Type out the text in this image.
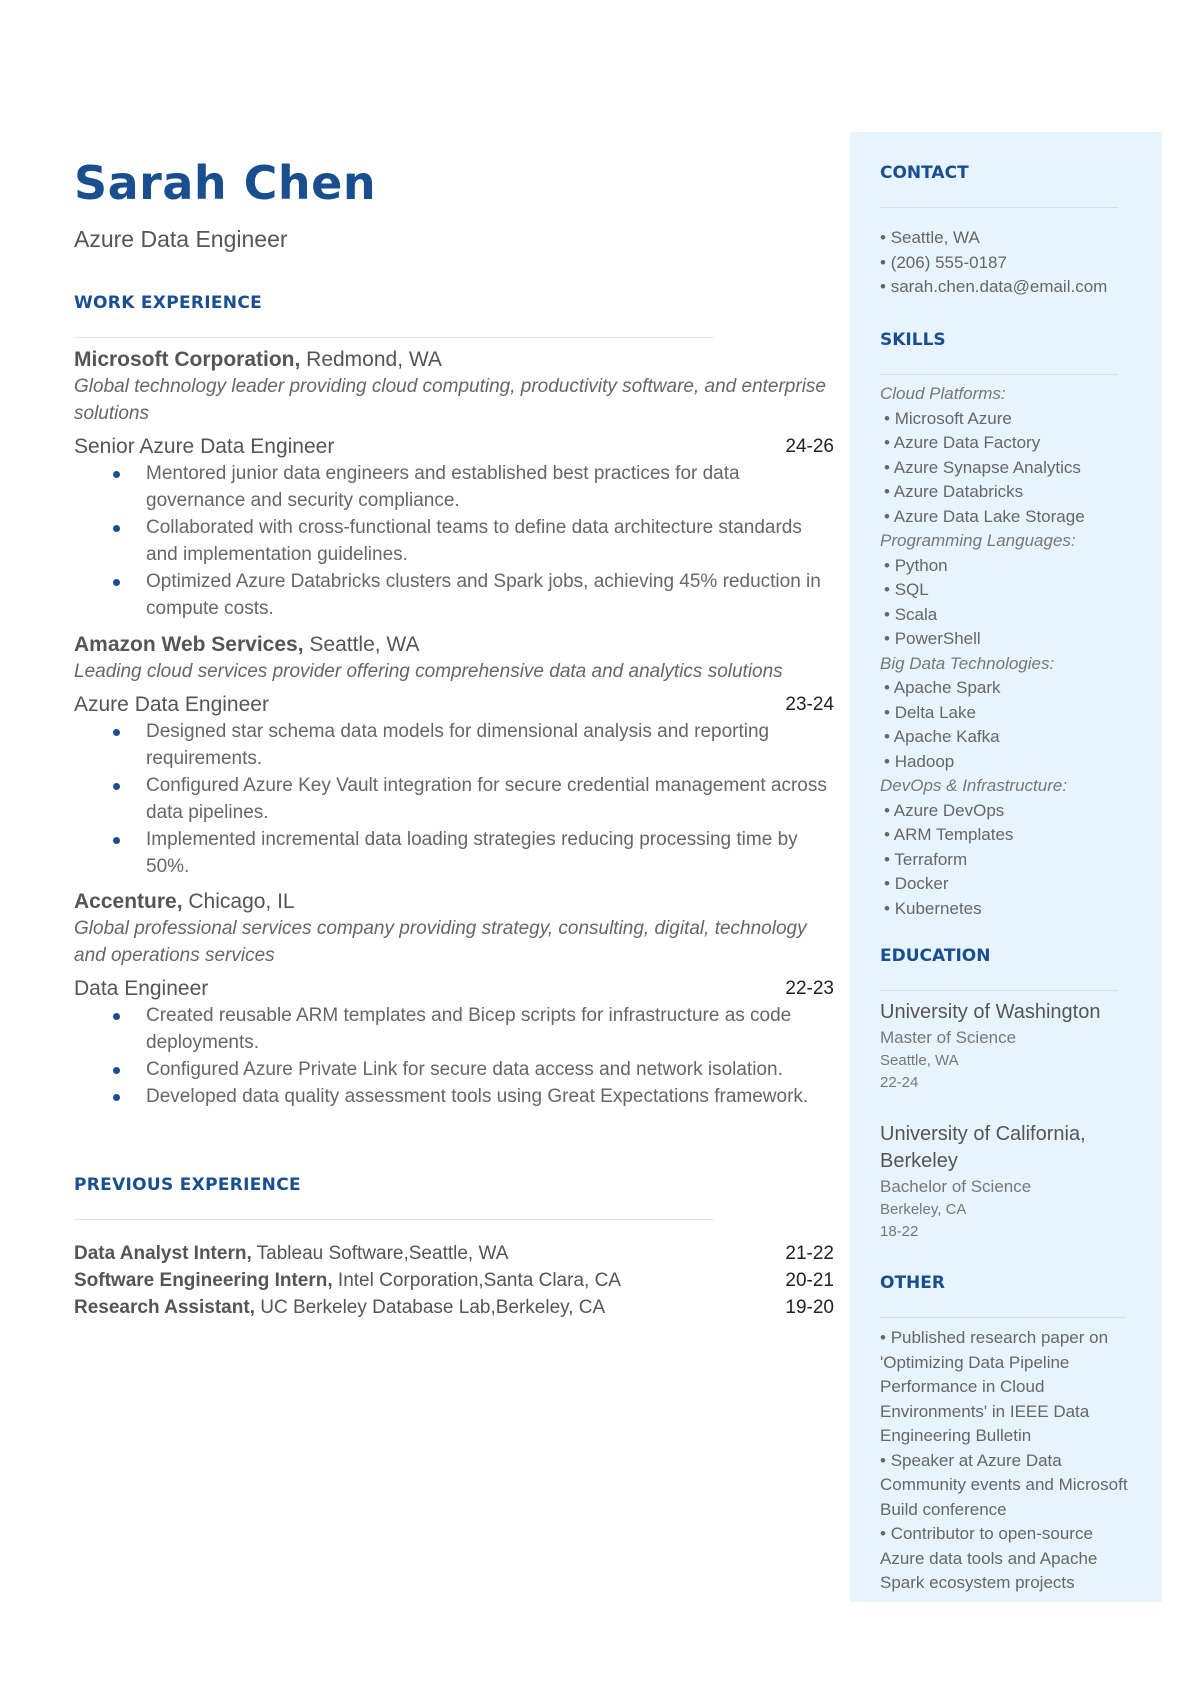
Sarah Chen
Azure Data Engineer
WORK EXPERIENCE
Microsoft Corporation, Redmond, WA
Global technology leader providing cloud computing, productivity software, and enterprise solutions
Senior Azure Data Engineer	24-26
Mentored junior data engineers and established best practices for data governance and security compliance.
Collaborated with cross-functional teams to define data architecture standards and implementation guidelines.
Optimized Azure Databricks clusters and Spark jobs, achieving 45% reduction in compute costs.
Amazon Web Services, Seattle, WA
Leading cloud services provider offering comprehensive data and analytics solutions
Azure Data Engineer	23-24
Designed star schema data models for dimensional analysis and reporting requirements.
Configured Azure Key Vault integration for secure credential management across data pipelines.
Implemented incremental data loading strategies reducing processing time by 50%.
Accenture, Chicago, IL
Global professional services company providing strategy, consulting, digital, technology and operations services
Data Engineer	22-23
Created reusable ARM templates and Bicep scripts for infrastructure as code deployments.
Configured Azure Private Link for secure data access and network isolation.
Developed data quality assessment tools using Great Expectations framework.
PREVIOUS EXPERIENCE
Data Analyst Intern, Tableau Software,Seattle, WA	21-22
Software Engineering Intern, Intel Corporation,Santa Clara, CA	20-21
Research Assistant, UC Berkeley Database Lab,Berkeley, CA	19-20
CONTACT
• Seattle, WA
• (206) 555-0187
• sarah.chen.data@email.com
SKILLS
Cloud Platforms:
• Microsoft Azure
• Azure Data Factory
• Azure Synapse Analytics
• Azure Databricks
• Azure Data Lake Storage
Programming Languages:
• Python
• SQL
• Scala
• PowerShell
Big Data Technologies:
• Apache Spark
• Delta Lake
• Apache Kafka
• Hadoop
DevOps & Infrastructure:
• Azure DevOps
• ARM Templates
• Terraform
• Docker
• Kubernetes
EDUCATION
University of Washington
Master of Science
Seattle, WA
22-24
University of California, Berkeley
Bachelor of Science
Berkeley, CA
18-22
OTHER
• Published research paper on 'Optimizing Data Pipeline Performance in Cloud Environments' in IEEE Data Engineering Bulletin
• Speaker at Azure Data Community events and Microsoft Build conference
• Contributor to open-source Azure data tools and Apache Spark ecosystem projects
